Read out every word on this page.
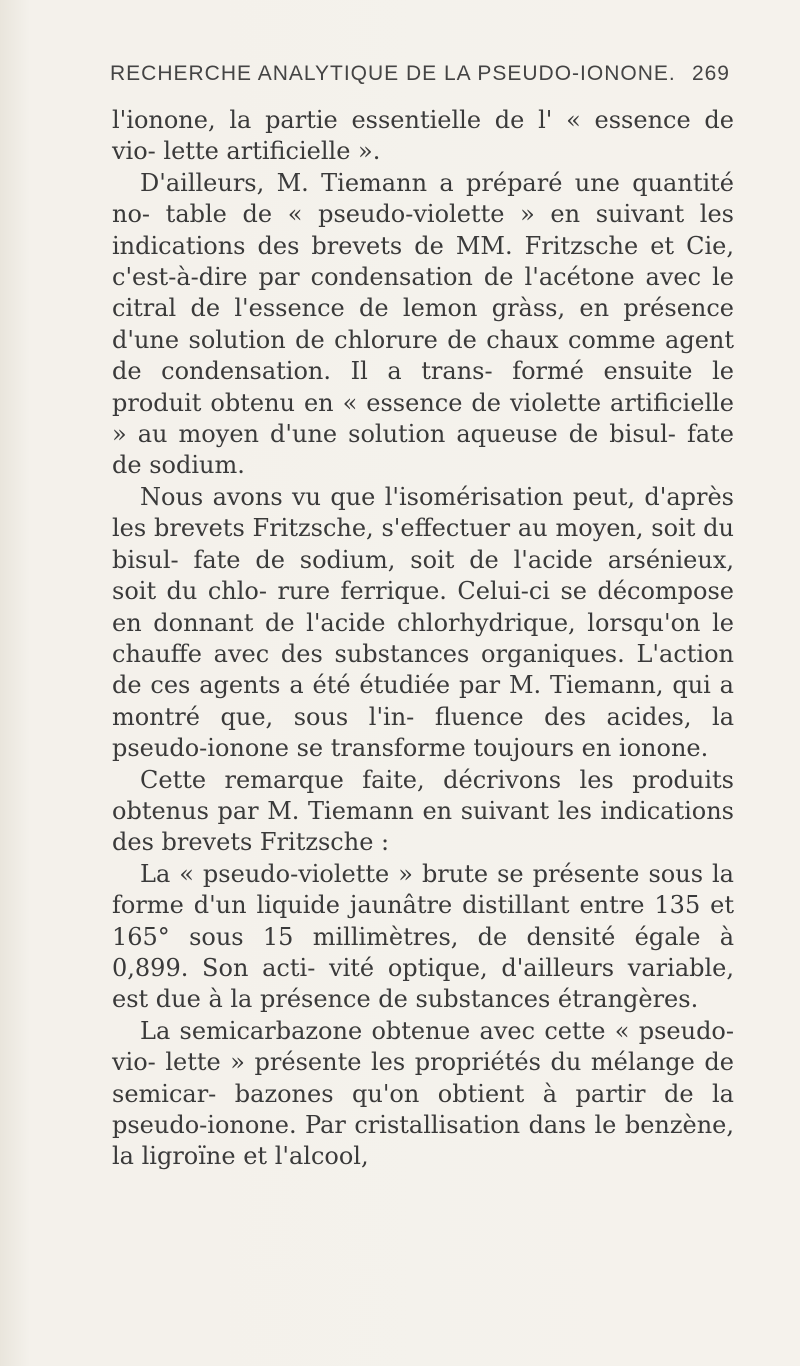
RECHERCHE ANALYTIQUE DE LA PSEUDO-IONONE. 269

l'ionone, la partie essentielle de l' « essence de vio- lette artificielle ».

D'ailleurs, M. Tiemann a préparé une quantité no- table de « pseudo-violette » en suivant les indications des brevets de MM. Fritzsche et Cie, c'est-à-dire par condensation de l'acétone avec le citral de l'essence de lemon gràss, en présence d'une solution de chlorure de chaux comme agent de condensation. Il a trans- formé ensuite le produit obtenu en « essence de violette artificielle » au moyen d'une solution aqueuse de bisul- fate de sodium.

Nous avons vu que l'isomérisation peut, d'après les brevets Fritzsche, s'effectuer au moyen, soit du bisul- fate de sodium, soit de l'acide arsénieux, soit du chlo- rure ferrique. Celui-ci se décompose en donnant de l'acide chlorhydrique, lorsqu'on le chauffe avec des substances organiques. L'action de ces agents a été étudiée par M. Tiemann, qui a montré que, sous l'in- fluence des acides, la pseudo-ionone se transforme toujours en ionone.

Cette remarque faite, décrivons les produits obtenus par M. Tiemann en suivant les indications des brevets Fritzsche :

La « pseudo-violette » brute se présente sous la forme d'un liquide jaunâtre distillant entre 135 et 165° sous 15 millimètres, de densité égale à 0,899. Son acti- vité optique, d'ailleurs variable, est due à la présence de substances étrangères.

La semicarbazone obtenue avec cette « pseudo-vio- lette » présente les propriétés du mélange de semicar- bazones qu'on obtient à partir de la pseudo-ionone. Par cristallisation dans le benzène, la ligroïne et l'alcool,
